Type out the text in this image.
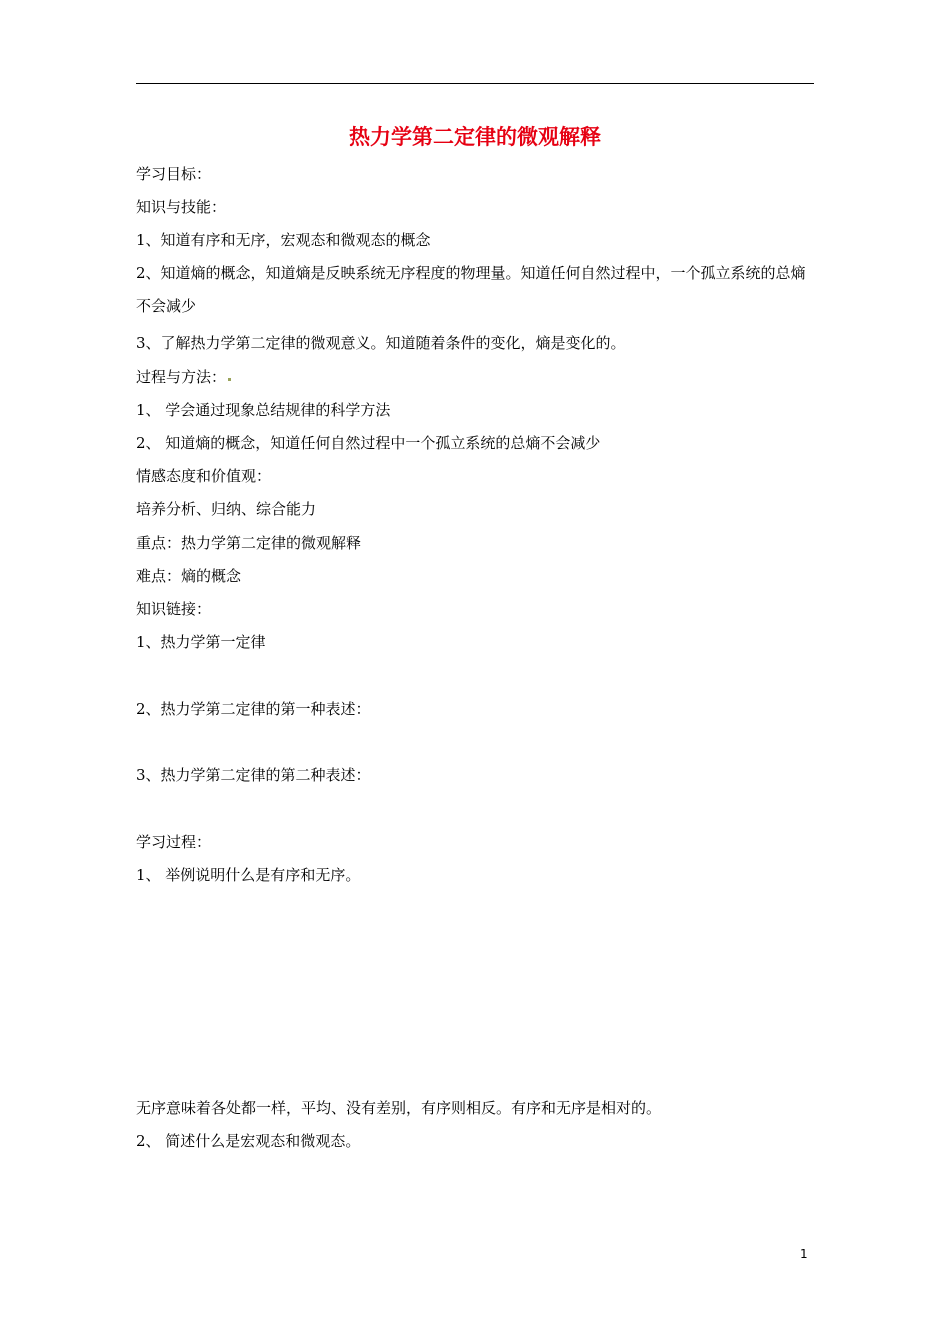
热力学第二定律的微观解释
学习目标：
知识与技能：
1、知道有序和无序，宏观态和微观态的概念
2、知道熵的概念，知道熵是反映系统无序程度的物理量。知道任何自然过程中，一个孤立系统的总熵不会减少
3、了解热力学第二定律的微观意义。知道随着条件的变化，熵是变化的。
过程与方法：
1、 学会通过现象总结规律的科学方法
2、 知道熵的概念，知道任何自然过程中一个孤立系统的总熵不会减少
情感态度和价值观：
培养分析、归纳、综合能力
重点：热力学第二定律的微观解释
难点：熵的概念
知识链接：
1、热力学第一定律
2、热力学第二定律的第一种表述：
3、热力学第二定律的第二种表述：
学习过程：
1、 举例说明什么是有序和无序。
无序意味着各处都一样，平均、没有差别，有序则相反。有序和无序是相对的。
2、 简述什么是宏观态和微观态。
1
